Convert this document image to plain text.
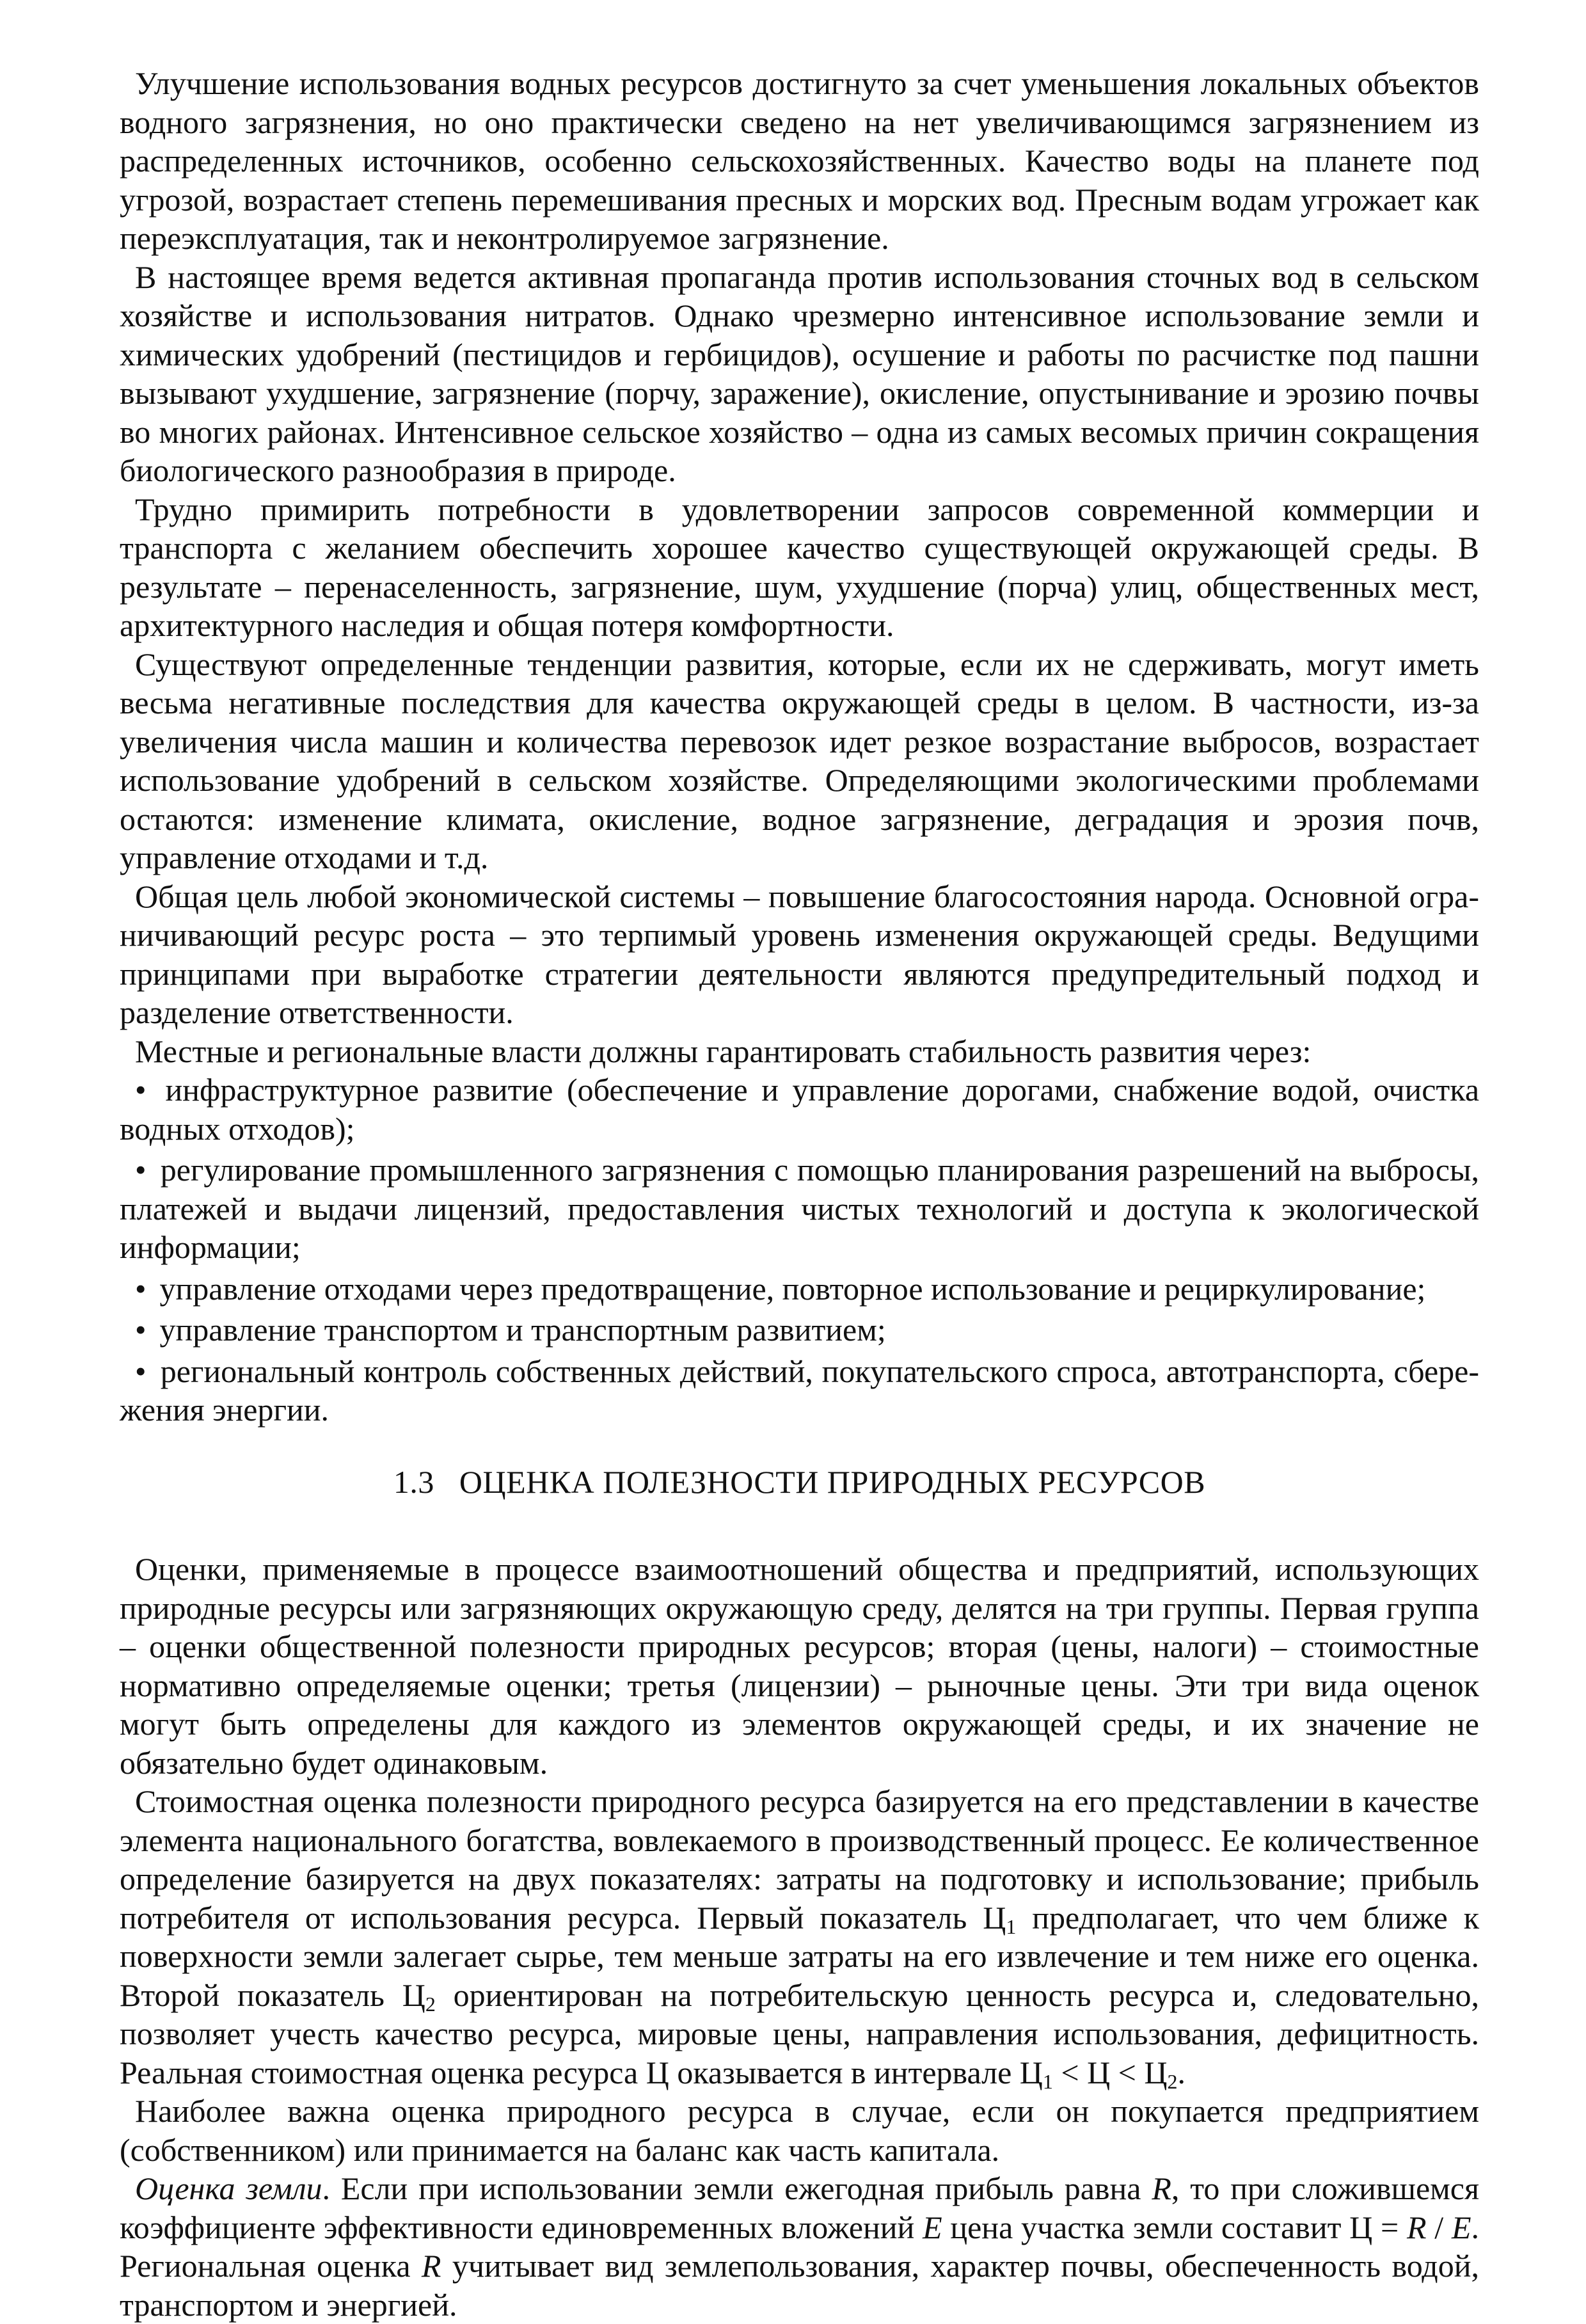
Улучшение использования водных ресурсов достигнуто за счет уменьшения локальных объектов водного загрязнения, но оно практически сведено на нет увеличивающимся загрязнением из распределенных источников, особенно сельскохозяйственных. Качество воды на планете под угрозой, возрастает степень перемешивания пресных и морских вод. Пресным водам угрожает как переэксплуатация, так и неконтролируемое загрязнение.

В настоящее время ведется активная пропаганда против использования сточных вод в сельском хозяйстве и использования нитратов. Однако чрезмерно интенсивное использование земли и химических удобрений (пестицидов и гербицидов), осушение и работы по расчистке под пашни вызывают ухудшение, загрязнение (порчу, заражение), окисление, опустынивание и эрозию почвы во многих районах. Интенсивное сельское хозяйство – одна из самых весомых причин сокращения биологического разнообразия в природе.

Трудно примирить потребности в удовлетворении запросов современной коммерции и транспорта с желанием обеспечить хорошее качество существующей окружающей среды. В результате – перенаселенность, загрязнение, шум, ухудшение (порча) улиц, общественных мест, архитектурного наследия и общая потеря комфортности.

Существуют определенные тенденции развития, которые, если их не сдерживать, могут иметь весьма негативные последствия для качества окружающей среды в целом. В частности, из-за увеличения числа машин и количества перевозок идет резкое возрастание выбросов, возрастает использование удобрений в сельском хозяйстве. Определяющими экологическими проблемами остаются: изменение климата, окисление, водное загрязнение, деградация и эрозия почв, управление отходами и т.д.

Общая цель любой экономической системы – повышение благосостояния народа. Основной ограничивающий ресурс роста – это терпимый уровень изменения окружающей среды. Ведущими принципами при выработке стратегии деятельности являются предупредительный подход и разделение ответственности.

Местные и региональные власти должны гарантировать стабильность развития через:

• инфраструктурное развитие (обеспечение и управление дорогами, снабжение водой, очистка водных отходов);

• регулирование промышленного загрязнения с помощью планирования разрешений на выбросы, платежей и выдачи лицензий, предоставления чистых технологий и доступа к экологической информации;

• управление отходами через предотвращение, повторное использование и рециркулирование;

• управление транспортом и транспортным развитием;

• региональный контроль собственных действий, покупательского спроса, автотранспорта, сбережения энергии.

1.3 ОЦЕНКА ПОЛЕЗНОСТИ ПРИРОДНЫХ РЕСУРСОВ

Оценки, применяемые в процессе взаимоотношений общества и предприятий, использующих природные ресурсы или загрязняющих окружающую среду, делятся на три группы. Первая группа – оценки общественной полезности природных ресурсов; вторая (цены, налоги) – стоимостные нормативно определяемые оценки; третья (лицензии) – рыночные цены. Эти три вида оценок могут быть определены для каждого из элементов окружающей среды, и их значение не обязательно будет одинаковым.

Стоимостная оценка полезности природного ресурса базируется на его представлении в качестве элемента национального богатства, вовлекаемого в производственный процесс. Ее количественное определение базируется на двух показателях: затраты на подготовку и использование; прибыль потребителя от использования ресурса. Первый показатель $Ц_1$ предполагает, что чем ближе к поверхности земли залегает сырье, тем меньше затраты на его извлечение и тем ниже его оценка. Второй показатель $Ц_2$ ориентирован на потребительскую ценность ресурса и, следовательно, позволяет учесть качество ресурса, мировые цены, направления использования, дефицитность. Реальная стоимостная оценка ресурса Ц оказывается в интервале $Ц_1 < Ц < Ц_2$.

Наиболее важна оценка природного ресурса в случае, если он покупается предприятием (собственником) или принимается на баланс как часть капитала.

Оценка земли. Если при использовании земли ежегодная прибыль равна R, то при сложившемся коэффициенте эффективности единовременных вложений E цена участка земли составит Ц = R / E. Региональная оценка R учитывает вид землепользования, характер почвы, обеспеченность водой, транспортом и энергией.
